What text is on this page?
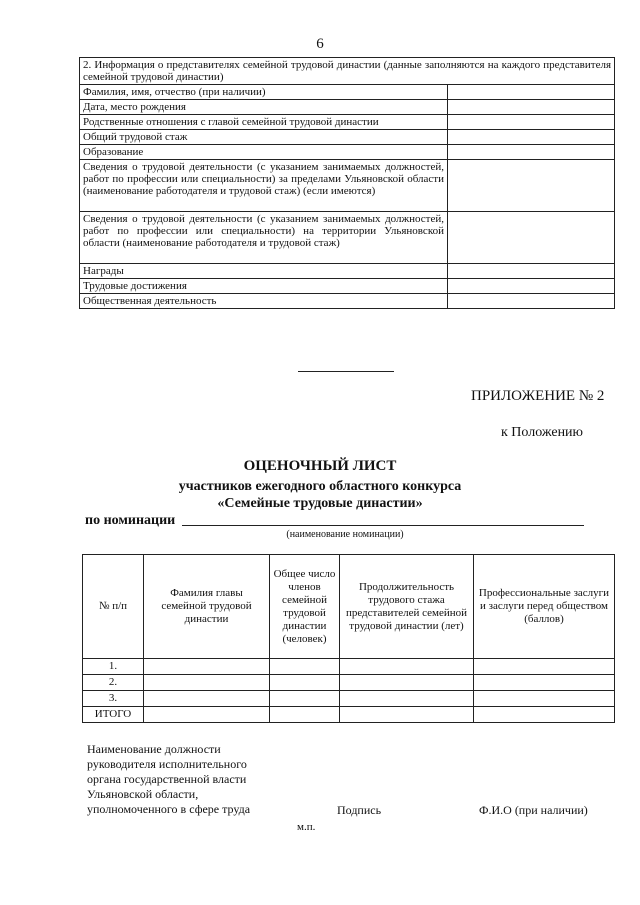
6
2. Информация о представителях семейной трудовой династии (данные заполняются на каждого представителя семейной трудовой династии)	
Фамилия, имя, отчество (при наличии)	
Дата, место рождения	
Родственные отношения с главой семейной трудовой династии	
Общий трудовой стаж	
Образование	
Сведения о трудовой деятельности (с указанием занимаемых должностей, работ по профессии или специальности) за пределами Ульяновской области (наименование работодателя и трудовой стаж) (если имеются)	
Сведения о трудовой деятельности (с указанием занимаемых должностей, работ по профессии или специальности) на территории Ульяновской области (наименование работодателя и трудовой стаж)	
Награды	
Трудовые достижения	
Общественная деятельность	
ПРИЛОЖЕНИЕ № 2
к Положению
ОЦЕНОЧНЫЙ ЛИСТ
участников ежегодного областного конкурса
«Семейные трудовые династии»
по номинации
(наименование номинации)
№ п/п	Фамилия главы семейной трудовой династии	Общее число членов семейной трудовой династии (человек)	Продолжительность трудового стажа представителей семейной трудовой династии (лет)	Профессиональные заслуги и заслуги перед обществом (баллов)
1.				
2.				
3.				
ИТОГО				
Наименование должности руководителя исполнительного органа государственной власти Ульяновской области, уполномоченного в сфере труда	Подпись	Ф.И.О (при наличии)
м.п.
